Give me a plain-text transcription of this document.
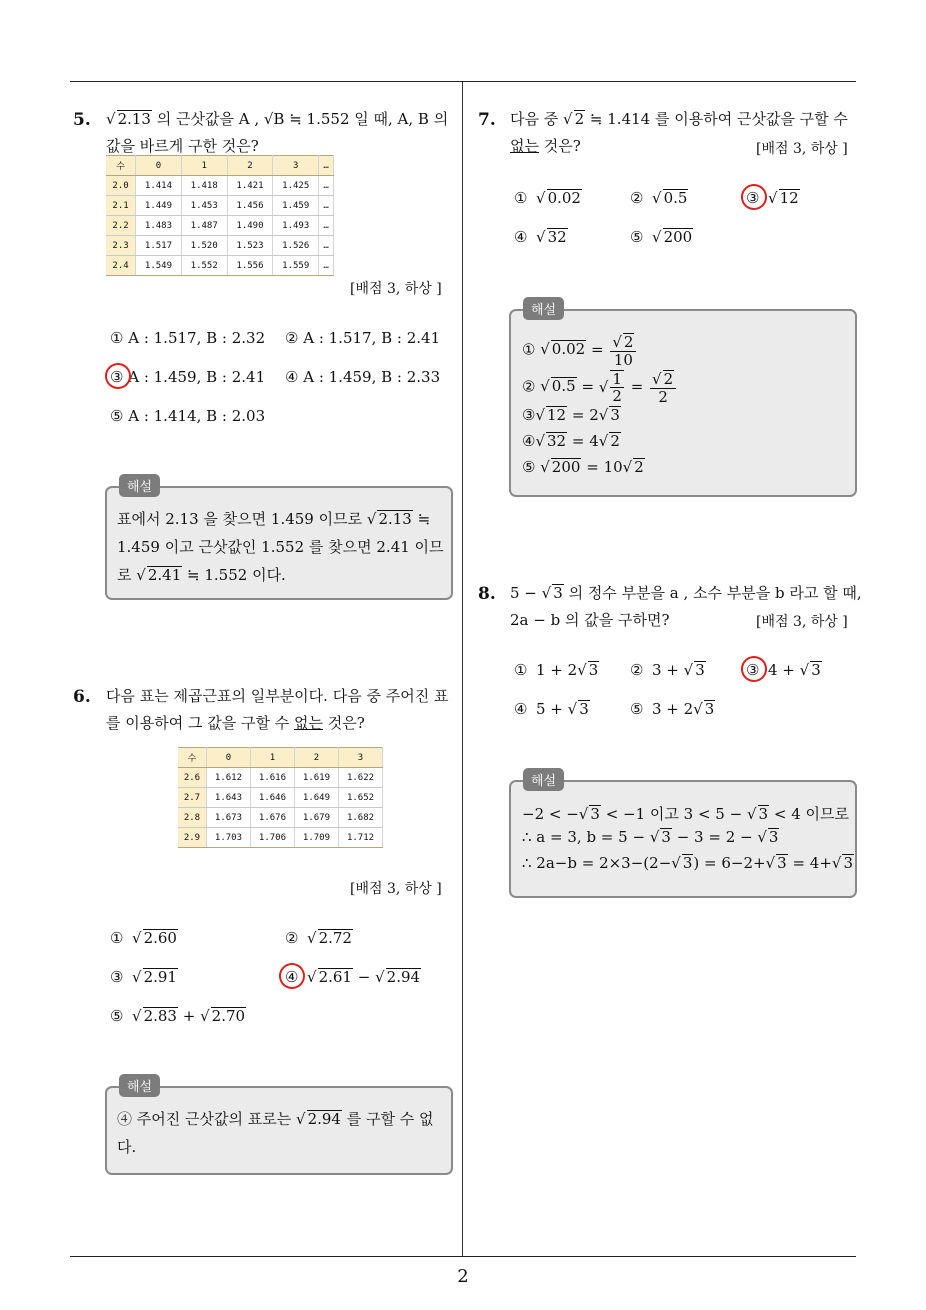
2
5. √ 2.13 의 근삿값을 A , √B ≒ 1.552 일 때, A, B 의
값을 바르게 구한 것은?
수	0	1	2	3	…
2.0	1.414	1.418	1.421	1.425	…
2.1	1.449	1.453	1.456	1.459	…
2.2	1.483	1.487	1.490	1.493	…
2.3	1.517	1.520	1.523	1.526	…
2.4	1.549	1.552	1.556	1.559	…
[배점 3, 하상 ]
① A : 1.517, B : 2.32 ② A : 1.517, B : 2.41
③ A : 1.459, B : 2.41 ④ A : 1.459, B : 2.33
⑤ A : 1.414, B : 2.03
해설
표에서 2.13 을 찾으면 1.459 이므로 √ 2.13 ≒
1.459 이고 근삿값인 1.552 를 찾으면 2.41 이므
로 √ 2.41 ≒ 1.552 이다.
6. 다음 표는 제곱근표의 일부분이다. 다음 중 주어진 표
를 이용하여 그 값을 구할 수 없는 것은?
수	0	1	2	3
2.6	1.612	1.616	1.619	1.622
2.7	1.643	1.646	1.649	1.652
2.8	1.673	1.676	1.679	1.682
2.9	1.703	1.706	1.709	1.712
[배점 3, 하상 ]
① √ 2.60	② √ 2.72
③ √ 2.91	④ √ 2.61 − √ 2.94
⑤ √ 2.83 + √ 2.70
해설
④ 주어진 근삿값의 표로는 √ 2.94 를 구할 수 없
다.
7. 다음 중 √ 2 ≒ 1.414 를 이용하여 근삿값을 구할 수
없는 것은?	[배점 3, 하상 ]
① √ 0.02	② √ 0.5	③ √ 12
④ √ 32	⑤ √ 200
해설
① √ $0.02 = \frac{√ 2}{10}$
② √ 0.5 = √ $\frac{1}{2} = \frac{√ 2}{2}$
③√ 12 = 2√ 3
④√ 32 = 4√ 2
⑤ √ 200 = 10√ 2
8. 5 − √ 3 의 정수 부분을 a , 소수 부분을 b 라고 할 때,
2a − b 의 값을 구하면?	[배점 3, 하상 ]
① 1 + 2√ 3 ② 3 + √ 3	③ 4 + √ 3
④ 5 + √ 3	⑤ 3 + 2√ 3
해설
−2 < −√ 3 < −1 이고 3 < 5 − √ 3 < 4 이므로
∴ a = 3, b = 5 − √ 3 − 3 = 2 − √ 3
∴ 2a−b = 2×3−(2−√ 3) = 6−2+√ 3 = 4+√ 3
